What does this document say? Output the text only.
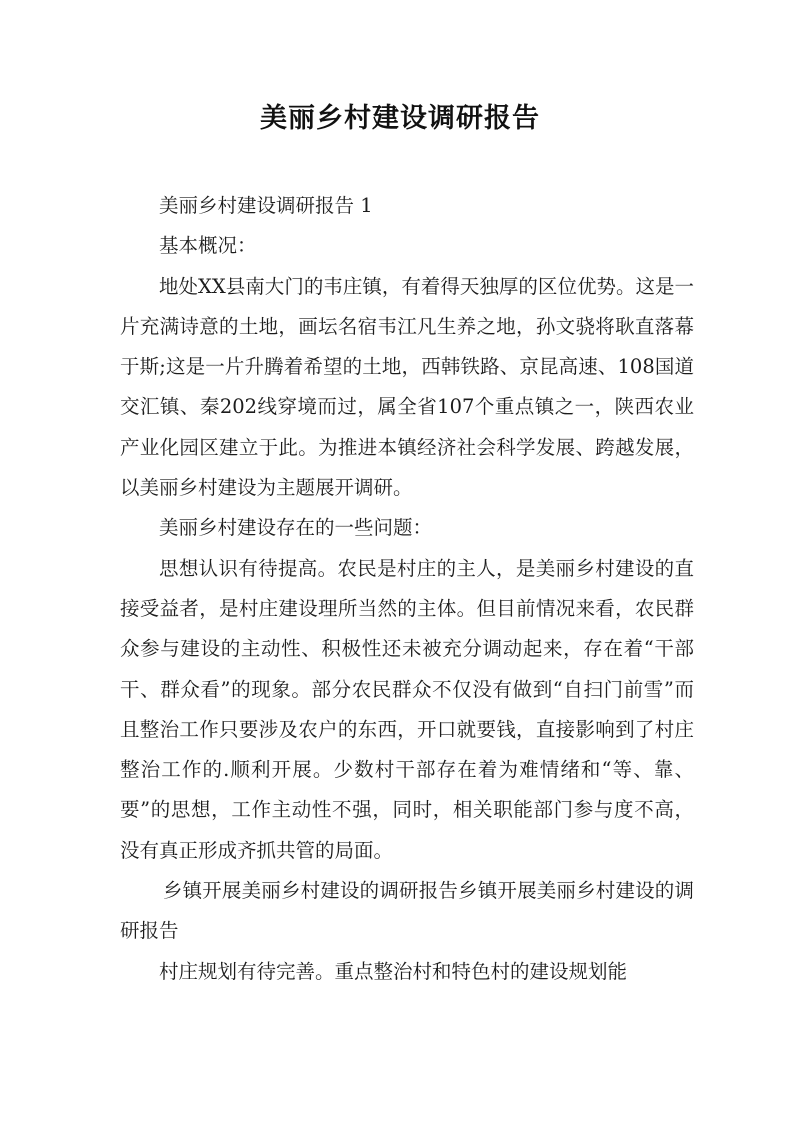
美丽乡村建设调研报告

美丽乡村建设调研报告 1

基本概况：

地处XX县南大门的韦庄镇，有着得天独厚的区位优势。这是一片充满诗意的土地，画坛名宿韦江凡生养之地，孙文骁将耿直落幕于斯;这是一片升腾着希望的土地，西韩铁路、京昆高速、108国道交汇镇、秦202线穿境而过，属全省107个重点镇之一，陕西农业产业化园区建立于此。为推进本镇经济社会科学发展、跨越发展，以美丽乡村建设为主题展开调研。

美丽乡村建设存在的一些问题：

思想认识有待提高。农民是村庄的主人，是美丽乡村建设的直接受益者，是村庄建设理所当然的主体。但目前情况来看，农民群众参与建设的主动性、积极性还未被充分调动起来，存在着“干部干、群众看”的现象。部分农民群众不仅没有做到“自扫门前雪”而且整治工作只要涉及农户的东西，开口就要钱，直接影响到了村庄整治工作的.顺利开展。少数村干部存在着为难情绪和“等、靠、要”的思想，工作主动性不强，同时，相关职能部门参与度不高，没有真正形成齐抓共管的局面。

乡镇开展美丽乡村建设的调研报告乡镇开展美丽乡村建设的调研报告

村庄规划有待完善。重点整治村和特色村的建设规划能
